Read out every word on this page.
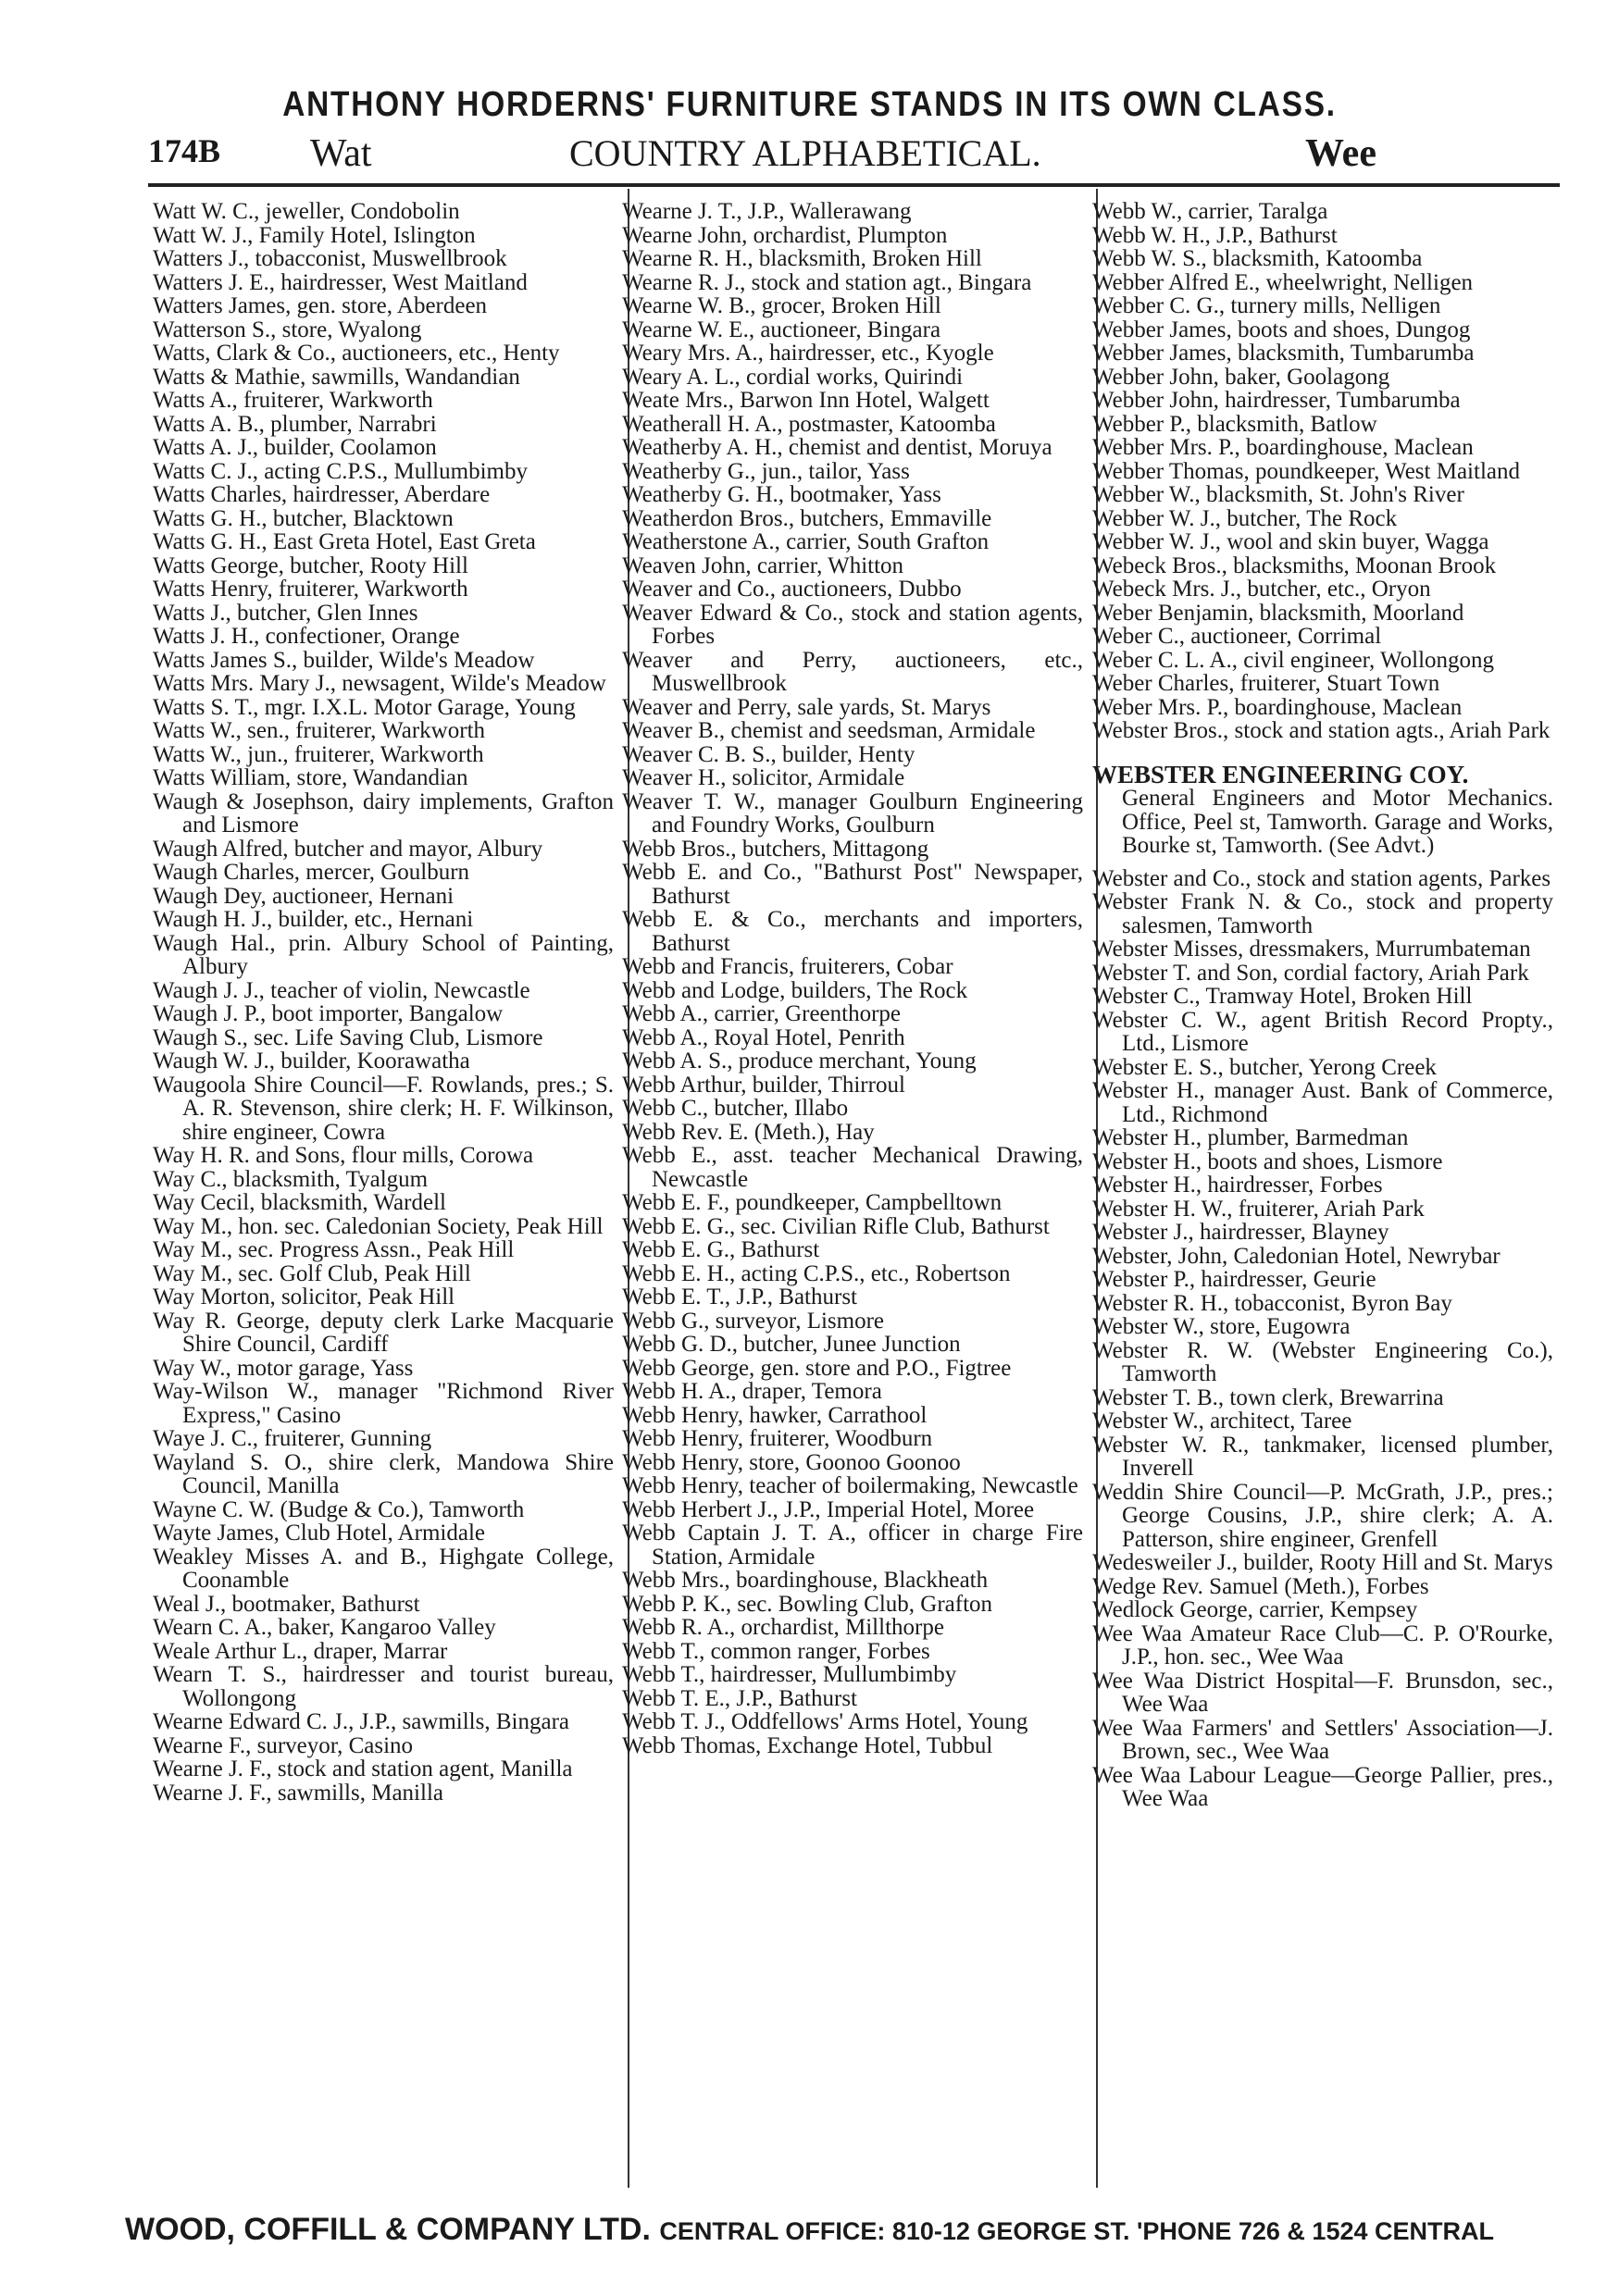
ANTHONY HORDERNS' FURNITURE STANDS IN ITS OWN CLASS.
174B Wat	COUNTRY ALPHABETICAL.	Wee

Watt W. C., jeweller, Condobolin

Watt W. J., Family Hotel, Islington

Watters J., tobacconist, Muswellbrook

Watters J. E., hairdresser, West Maitland

Watters James, gen. store, Aberdeen

Watterson S., store, Wyalong

Watts, Clark & Co., auctioneers, etc., Henty

Watts & Mathie, sawmills, Wandandian

Watts A., fruiterer, Warkworth

Watts A. B., plumber, Narrabri

Watts A. J., builder, Coolamon

Watts C. J., acting C.P.S., Mullumbimby

Watts Charles, hairdresser, Aberdare

Watts G. H., butcher, Blacktown

Watts G. H., East Greta Hotel, East Greta

Watts George, butcher, Rooty Hill

Watts Henry, fruiterer, Warkworth

Watts J., butcher, Glen Innes

Watts J. H., confectioner, Orange

Watts James S., builder, Wilde's Meadow

Watts Mrs. Mary J., newsagent, Wilde's Meadow

Watts S. T., mgr. I.X.L. Motor Garage, Young

Watts W., sen., fruiterer, Warkworth

Watts W., jun., fruiterer, Warkworth

Watts William, store, Wandandian

Waugh & Josephson, dairy implements, Grafton and Lismore

Waugh Alfred, butcher and mayor, Albury

Waugh Charles, mercer, Goulburn

Waugh Dey, auctioneer, Hernani

Waugh H. J., builder, etc., Hernani

Waugh Hal., prin. Albury School of Painting, Albury

Waugh J. J., teacher of violin, Newcastle

Waugh J. P., boot importer, Bangalow

Waugh S., sec. Life Saving Club, Lismore

Waugh W. J., builder, Koorawatha

Waugoola Shire Council—F. Rowlands, pres.; S. A. R. Stevenson, shire clerk; H. F. Wilkinson, shire engineer, Cowra

Way H. R. and Sons, flour mills, Corowa

Way C., blacksmith, Tyalgum

Way Cecil, blacksmith, Wardell

Way M., hon. sec. Caledonian Society, Peak Hill

Way M., sec. Progress Assn., Peak Hill

Way M., sec. Golf Club, Peak Hill

Way Morton, solicitor, Peak Hill

Way R. George, deputy clerk Larke Macquarie Shire Council, Cardiff

Way W., motor garage, Yass

Way-Wilson W., manager "Richmond River Express," Casino

Waye J. C., fruiterer, Gunning

Wayland S. O., shire clerk, Mandowa Shire Council, Manilla

Wayne C. W. (Budge & Co.), Tamworth

Wayte James, Club Hotel, Armidale

Weakley Misses A. and B., Highgate College, Coonamble

Weal J., bootmaker, Bathurst

Wearn C. A., baker, Kangaroo Valley

Weale Arthur L., draper, Marrar

Wearn T. S., hairdresser and tourist bureau, Wollongong

Wearne Edward C. J., J.P., sawmills, Bingara

Wearne F., surveyor, Casino

Wearne J. F., stock and station agent, Manilla

Wearne J. F., sawmills, Manilla

Wearne J. T., J.P., Wallerawang

Wearne John, orchardist, Plumpton

Wearne R. H., blacksmith, Broken Hill

Wearne R. J., stock and station agt., Bingara

Wearne W. B., grocer, Broken Hill

Wearne W. E., auctioneer, Bingara

Weary Mrs. A., hairdresser, etc., Kyogle

Weary A. L., cordial works, Quirindi

Weate Mrs., Barwon Inn Hotel, Walgett

Weatherall H. A., postmaster, Katoomba

Weatherby A. H., chemist and dentist, Moruya

Weatherby G., jun., tailor, Yass

Weatherby G. H., bootmaker, Yass

Weatherdon Bros., butchers, Emmaville

Weatherstone A., carrier, South Grafton

Weaven John, carrier, Whitton

Weaver and Co., auctioneers, Dubbo

Weaver Edward & Co., stock and station agents, Forbes

Weaver and Perry, auctioneers, etc., Muswellbrook

Weaver and Perry, sale yards, St. Marys

Weaver B., chemist and seedsman, Armidale

Weaver C. B. S., builder, Henty

Weaver H., solicitor, Armidale

Weaver T. W., manager Goulburn Engineering and Foundry Works, Goulburn

Webb Bros., butchers, Mittagong

Webb E. and Co., "Bathurst Post" Newspaper, Bathurst

Webb E. & Co., merchants and importers, Bathurst

Webb and Francis, fruiterers, Cobar

Webb and Lodge, builders, The Rock

Webb A., carrier, Greenthorpe

Webb A., Royal Hotel, Penrith

Webb A. S., produce merchant, Young

Webb Arthur, builder, Thirroul

Webb C., butcher, Illabo

Webb Rev. E. (Meth.), Hay

Webb E., asst. teacher Mechanical Drawing, Newcastle

Webb E. F., poundkeeper, Campbelltown

Webb E. G., sec. Civilian Rifle Club, Bathurst

Webb E. G., Bathurst

Webb E. H., acting C.P.S., etc., Robertson

Webb E. T., J.P., Bathurst

Webb G., surveyor, Lismore

Webb G. D., butcher, Junee Junction

Webb George, gen. store and P.O., Figtree

Webb H. A., draper, Temora

Webb Henry, hawker, Carrathool

Webb Henry, fruiterer, Woodburn

Webb Henry, store, Goonoo Goonoo

Webb Henry, teacher of boilermaking, Newcastle

Webb Herbert J., J.P., Imperial Hotel, Moree

Webb Captain J. T. A., officer in charge Fire Station, Armidale

Webb Mrs., boardinghouse, Blackheath

Webb P. K., sec. Bowling Club, Grafton

Webb R. A., orchardist, Millthorpe

Webb T., common ranger, Forbes

Webb T., hairdresser, Mullumbimby

Webb T. E., J.P., Bathurst

Webb T. J., Oddfellows' Arms Hotel, Young

Webb Thomas, Exchange Hotel, Tubbul

Webb W., carrier, Taralga

Webb W. H., J.P., Bathurst

Webb W. S., blacksmith, Katoomba

Webber Alfred E., wheelwright, Nelligen

Webber C. G., turnery mills, Nelligen

Webber James, boots and shoes, Dungog

Webber James, blacksmith, Tumbarumba

Webber John, baker, Goolagong

Webber John, hairdresser, Tumbarumba

Webber P., blacksmith, Batlow

Webber Mrs. P., boardinghouse, Maclean

Webber Thomas, poundkeeper, West Maitland

Webber W., blacksmith, St. John's River

Webber W. J., butcher, The Rock

Webber W. J., wool and skin buyer, Wagga

Webeck Bros., blacksmiths, Moonan Brook

Webeck Mrs. J., butcher, etc., Oryon

Weber Benjamin, blacksmith, Moorland

Weber C., auctioneer, Corrimal

Weber C. L. A., civil engineer, Wollongong

Weber Charles, fruiterer, Stuart Town

Weber Mrs. P., boardinghouse, Maclean

Webster Bros., stock and station agts., Ariah Park

WEBSTER ENGINEERING COY.

General Engineers and Motor Mechanics. Office, Peel st, Tamworth. Garage and Works, Bourke st, Tamworth. (See Advt.)

Webster and Co., stock and station agents, Parkes

Webster Frank N. & Co., stock and property salesmen, Tamworth

Webster Misses, dressmakers, Murrumbateman

Webster T. and Son, cordial factory, Ariah Park

Webster C., Tramway Hotel, Broken Hill

Webster C. W., agent British Record Propty., Ltd., Lismore

Webster E. S., butcher, Yerong Creek

Webster H., manager Aust. Bank of Commerce, Ltd., Richmond

Webster H., plumber, Barmedman

Webster H., boots and shoes, Lismore

Webster H., hairdresser, Forbes

Webster H. W., fruiterer, Ariah Park

Webster J., hairdresser, Blayney

Webster, John, Caledonian Hotel, Newrybar

Webster P., hairdresser, Geurie

Webster R. H., tobacconist, Byron Bay

Webster W., store, Eugowra

Webster R. W. (Webster Engineering Co.), Tamworth

Webster T. B., town clerk, Brewarrina

Webster W., architect, Taree

Webster W. R., tankmaker, licensed plumber, Inverell

Weddin Shire Council—P. McGrath, J.P., pres.; George Cousins, J.P., shire clerk; A. A. Patterson, shire engineer, Grenfell

Wedesweiler J., builder, Rooty Hill and St. Marys

Wedge Rev. Samuel (Meth.), Forbes

Wedlock George, carrier, Kempsey

Wee Waa Amateur Race Club—C. P. O'Rourke, J.P., hon. sec., Wee Waa

Wee Waa District Hospital—F. Brunsdon, sec., Wee Waa

Wee Waa Farmers' and Settlers' Association—J. Brown, sec., Wee Waa

Wee Waa Labour League—George Pallier, pres., Wee Waa

WOOD, COFFILL & COMPANY LTD. CENTRAL OFFICE: 810-12 GEORGE ST. 'PHONE 726 & 1524 CENTRAL
